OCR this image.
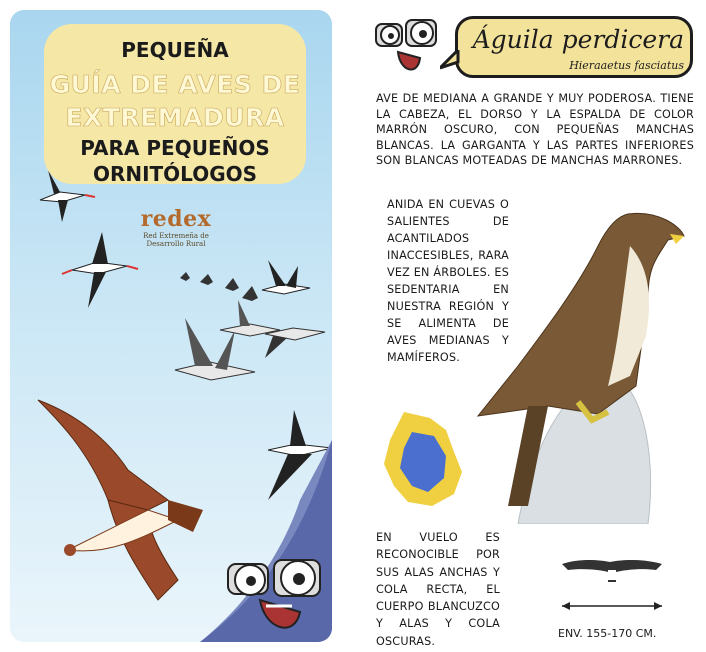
PEQUEÑA
GUÍA DE AVES DE
EXTREMADURA
PARA PEQUEÑOS
ORNITÓLOGOS
redex
Red Extremeña de
Desarrollo Rural
Águila perdicera
Hieraaetus fasciatus
AVE DE MEDIANA A GRANDE Y MUY PODEROSA. TIENE LA CABEZA, EL DORSO Y LA ESPALDA DE COLOR MARRÓN OSCURO, CON PEQUEÑAS MANCHAS BLANCAS. LA GARGANTA Y LAS PARTES INFERIORES SON BLANCAS MOTEADAS DE MANCHAS MARRONES.
ANIDA EN CUEVAS O SALIENTES DE ACANTILADOS INACCESIBLES, RARA VEZ EN ÁRBOLES. ES SEDENTARIA EN NUESTRA REGIÓN Y SE ALIMENTA DE AVES MEDIANAS Y MAMÍFEROS.
EN VUELO ES RECONOCIBLE POR SUS ALAS ANCHAS Y COLA RECTA, EL CUERPO BLANCUZCO Y ALAS Y COLA OSCURAS.
ENV. 155-170 CM.
